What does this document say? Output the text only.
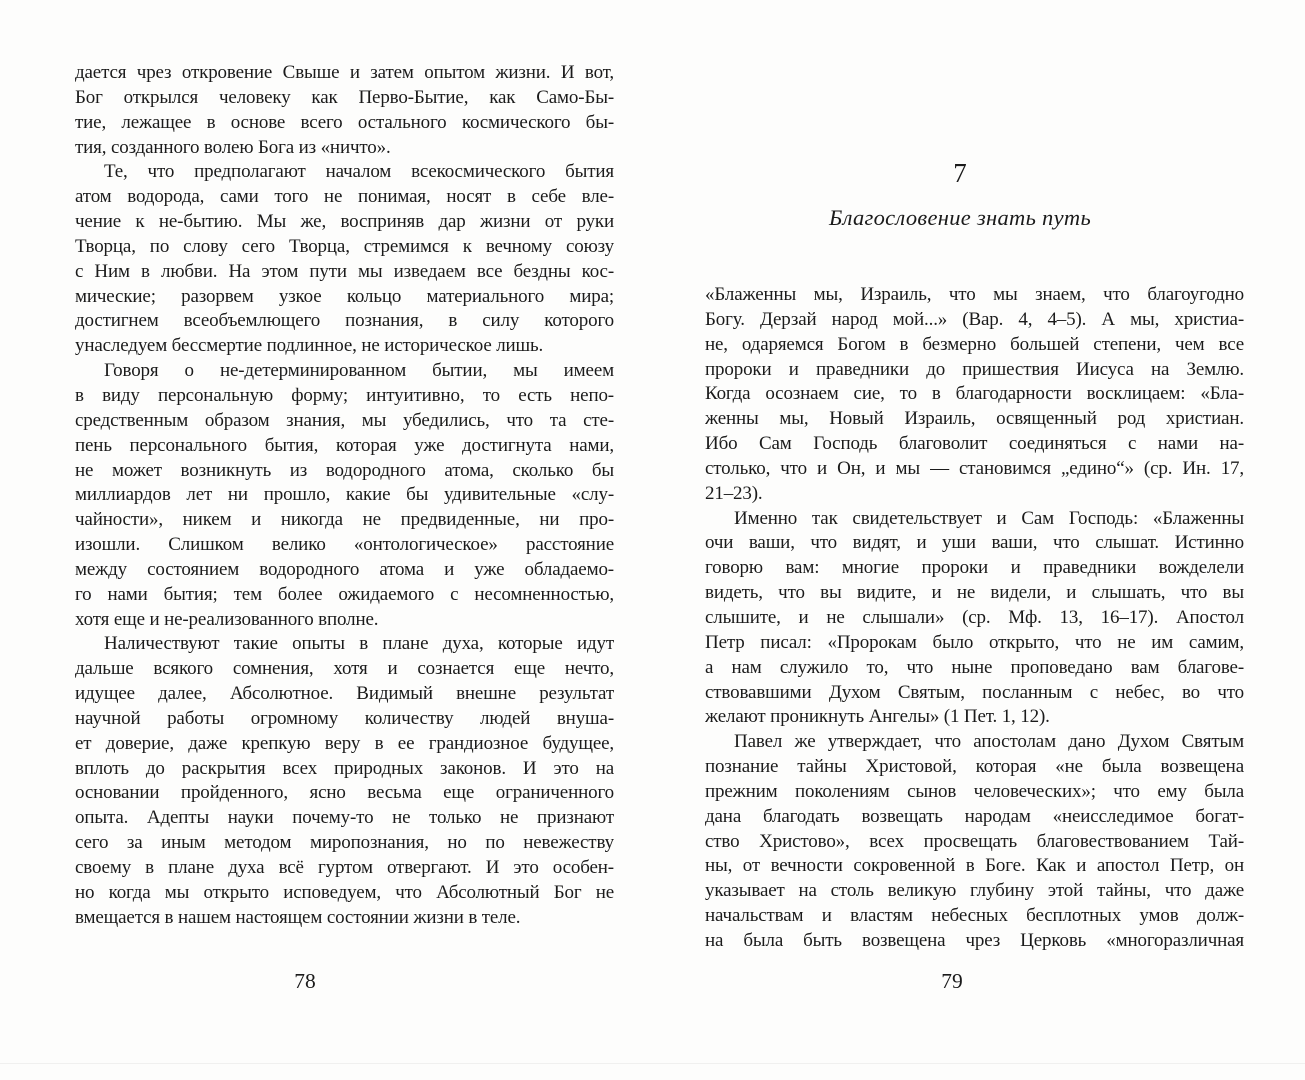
дается чрез откровение Свыше и затем опытом жизни. И вот,
Бог открылся человеку как Перво-Бытие, как Само-Бы-
тие, лежащее в основе всего остального космического бы-
тия, созданного волею Бога из «ничто».
Те, что предполагают началом всекосмического бытия
атом водорода, сами того не понимая, носят в себе вле-
чение к не-бытию. Мы же, восприняв дар жизни от руки
Творца, по слову сего Творца, стремимся к вечному союзу
с Ним в любви. На этом пути мы изведаем все бездны кос-
мические; разорвем узкое кольцо материального мира;
достигнем всеобъемлющего познания, в силу которого
унаследуем бессмертие подлинное, не историческое лишь.
Говоря о не-детерминированном бытии, мы имеем
в виду персональную форму; интуитивно, то есть непо-
средственным образом знания, мы убедились, что та сте-
пень персонального бытия, которая уже достигнута нами,
не может возникнуть из водородного атома, сколько бы
миллиардов лет ни прошло, какие бы удивительные «слу-
чайности», никем и никогда не предвиденные, ни про-
изошли. Слишком велико «онтологическое» расстояние
между состоянием водородного атома и уже обладаемо-
го нами бытия; тем более ожидаемого с несомненностью,
хотя еще и не-реализованного вполне.
Наличествуют такие опыты в плане духа, которые идут
дальше всякого сомнения, хотя и сознается еще нечто,
идущее далее, Абсолютное. Видимый внешне результат
научной работы огромному количеству людей внуша-
ет доверие, даже крепкую веру в ее грандиозное будущее,
вплоть до раскрытия всех природных законов. И это на
основании пройденного, ясно весьма еще ограниченного
опыта. Адепты науки почему-то не только не признают
сего за иным методом миропознания, но по невежеству
своему в плане духа всё гуртом отвергают. И это особен-
но когда мы открыто исповедуем, что Абсолютный Бог не
вмещается в нашем настоящем состоянии жизни в теле.
78
7
Благословение знать путь
«Блаженны мы, Израиль, что мы знаем, что благоугодно
Богу. Дерзай народ мой...» (Вар. 4, 4–5). А мы, христиа-
не, одаряемся Богом в безмерно большей степени, чем все
пророки и праведники до пришествия Иисуса на Землю.
Когда осознаем сие, то в благодарности восклицаем: «Бла-
женны мы, Новый Израиль, освященный род христиан.
Ибо Сам Господь благоволит соединяться с нами на-
столько, что и Он, и мы — становимся „едино“» (ср. Ин. 17,
21–23).
Именно так свидетельствует и Сам Господь: «Блаженны
очи ваши, что видят, и уши ваши, что слышат. Истинно
говорю вам: многие пророки и праведники вожделели
видеть, что вы видите, и не видели, и слышать, что вы
слышите, и не слышали» (ср. Мф. 13, 16–17). Апостол
Петр писал: «Пророкам было открыто, что не им самим,
а нам служило то, что ныне проповедано вам благове-
ствовавшими Духом Святым, посланным с небес, во что
желают проникнуть Ангелы» (1 Пет. 1, 12).
Павел же утверждает, что апостолам дано Духом Святым
познание тайны Христовой, которая «не была возвещена
прежним поколениям сынов человеческих»; что ему была
дана благодать возвещать народам «неисследимое богат-
ство Христово», всех просвещать благовествованием Тай-
ны, от вечности сокровенной в Боге. Как и апостол Петр, он
указывает на столь великую глубину этой тайны, что даже
начальствам и властям небесных бесплотных умов долж-
на была быть возвещена чрез Церковь «многоразличная
79
